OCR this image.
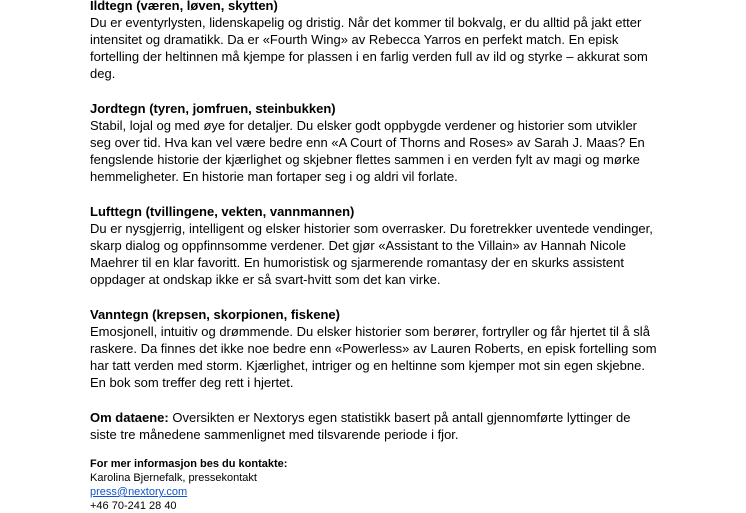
Ildtegn (væren, løven, skytten)
Du er eventyrlysten, lidenskapelig og dristig. Når det kommer til bokvalg, er du alltid på jakt etter intensitet og dramatikk. Da er «Fourth Wing» av Rebecca Yarros en perfekt match. En episk fortelling der heltinnen må kjempe for plassen i en farlig verden full av ild og styrke – akkurat som deg.
Jordtegn (tyren, jomfruen, steinbukken)
Stabil, lojal og med øye for detaljer. Du elsker godt oppbygde verdener og historier som utvikler seg over tid. Hva kan vel være bedre enn «A Court of Thorns and Roses» av Sarah J. Maas? En fengslende historie der kjærlighet og skjebner flettes sammen i en verden fylt av magi og mørke hemmeligheter. En historie man fortaper seg i og aldri vil forlate.
Lufttegn (tvillingene, vekten, vannmannen)
Du er nysgjerrig, intelligent og elsker historier som overrasker. Du foretrekker uventede vendinger, skarp dialog og oppfinnsomme verdener. Det gjør «Assistant to the Villain» av Hannah Nicole Maehrer til en klar favoritt. En humoristisk og sjarmerende romantasy der en skurks assistent oppdager at ondskap ikke er så svart-hvitt som det kan virke.
Vanntegn (krepsen, skorpionen, fiskene)
Emosjonell, intuitiv og drømmende. Du elsker historier som berører, fortryller og får hjertet til å slå raskere. Da finnes det ikke noe bedre enn «Powerless» av Lauren Roberts, en episk fortelling som har tatt verden med storm. Kjærlighet, intriger og en heltinne som kjemper mot sin egen skjebne. En bok som treffer deg rett i hjertet.
Om dataene: Oversikten er Nextorys egen statistikk basert på antall gjennomførte lyttinger de siste tre månedene sammenlignet med tilsvarende periode i fjor.
For mer informasjon bes du kontakte:
Karolina Bjernefalk, pressekontakt
press@nextory.com
+46 70-241 28 40
